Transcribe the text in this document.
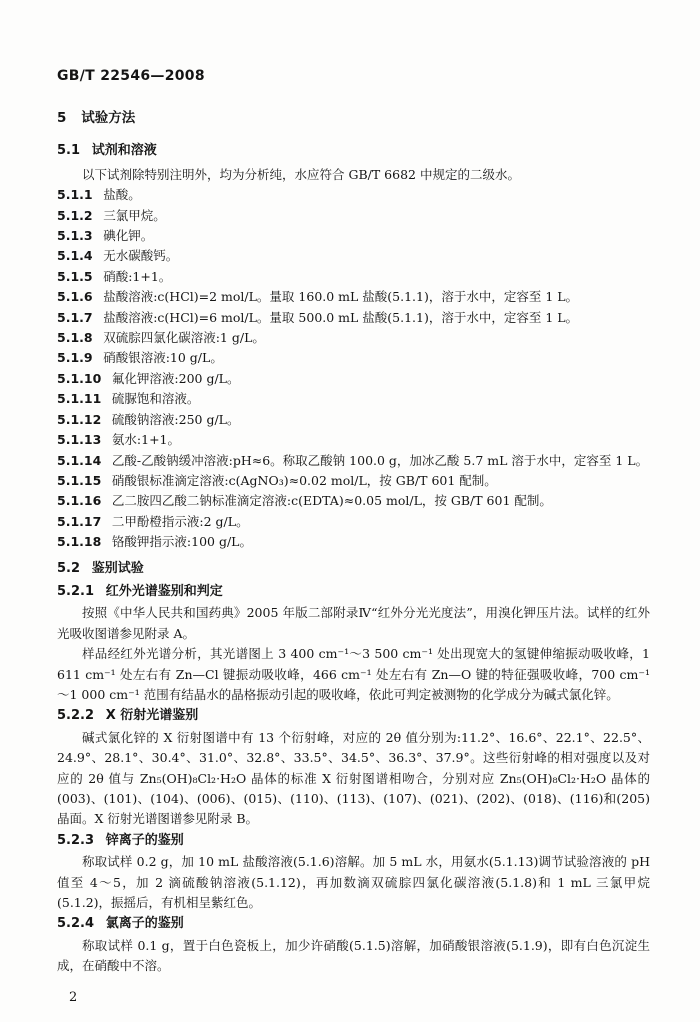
GB/T 22546—2008
5 试验方法
5.1 试剂和溶液
以下试剂除特别注明外，均为分析纯，水应符合 GB/T 6682 中规定的二级水。
5.1.1 盐酸。
5.1.2 三氯甲烷。
5.1.3 碘化钾。
5.1.4 无水碳酸钙。
5.1.5 硝酸:1+1。
5.1.6 盐酸溶液:c(HCl)=2 mol/L。量取 160.0 mL 盐酸(5.1.1)，溶于水中，定容至 1 L。
5.1.7 盐酸溶液:c(HCl)=6 mol/L。量取 500.0 mL 盐酸(5.1.1)，溶于水中，定容至 1 L。
5.1.8 双硫腙四氯化碳溶液:1 g/L。
5.1.9 硝酸银溶液:10 g/L。
5.1.10 氟化钾溶液:200 g/L。
5.1.11 硫脲饱和溶液。
5.1.12 硫酸钠溶液:250 g/L。
5.1.13 氨水:1+1。
5.1.14 乙酸-乙酸钠缓冲溶液:pH≈6。称取乙酸钠 100.0 g，加冰乙酸 5.7 mL 溶于水中，定容至 1 L。
5.1.15 硝酸银标准滴定溶液:c(AgNO₃)≈0.02 mol/L，按 GB/T 601 配制。
5.1.16 乙二胺四乙酸二钠标准滴定溶液:c(EDTA)≈0.05 mol/L，按 GB/T 601 配制。
5.1.17 二甲酚橙指示液:2 g/L。
5.1.18 铬酸钾指示液:100 g/L。
5.2 鉴别试验
5.2.1 红外光谱鉴别和判定
按照《中华人民共和国药典》2005 年版二部附录Ⅳ“红外分光光度法”，用溴化钾压片法。试样的红外光吸收图谱参见附录 A。
样品经红外光谱分析，其光谱图上 3 400 cm⁻¹～3 500 cm⁻¹ 处出现宽大的氢键伸缩振动吸收峰，1 611 cm⁻¹ 处左右有 Zn—Cl 键振动吸收峰，466 cm⁻¹ 处左右有 Zn—O 键的特征强吸收峰，700 cm⁻¹～1 000 cm⁻¹ 范围有结晶水的晶格振动引起的吸收峰，依此可判定被测物的化学成分为碱式氯化锌。
5.2.2 X 衍射光谱鉴别
碱式氯化锌的 X 衍射图谱中有 13 个衍射峰，对应的 2θ 值分别为:11.2°、16.6°、22.1°、22.5°、24.9°、28.1°、30.4°、31.0°、32.8°、33.5°、34.5°、36.3°、37.9°。这些衍射峰的相对强度以及对应的 2θ 值与 Zn₅(OH)₈Cl₂·H₂O 晶体的标准 X 衍射图谱相吻合，分别对应 Zn₅(OH)₈Cl₂·H₂O 晶体的(003)、(101)、(104)、(006)、(015)、(110)、(113)、(107)、(021)、(202)、(018)、(116)和(205)晶面。X 衍射光谱图谱参见附录 B。
5.2.3 锌离子的鉴别
称取试样 0.2 g，加 10 mL 盐酸溶液(5.1.6)溶解。加 5 mL 水，用氨水(5.1.13)调节试验溶液的 pH 值至 4～5，加 2 滴硫酸钠溶液(5.1.12)，再加数滴双硫腙四氯化碳溶液(5.1.8)和 1 mL 三氯甲烷(5.1.2)，振摇后，有机相呈紫红色。
5.2.4 氯离子的鉴别
称取试样 0.1 g，置于白色瓷板上，加少许硝酸(5.1.5)溶解，加硝酸银溶液(5.1.9)，即有白色沉淀生成，在硝酸中不溶。
2
